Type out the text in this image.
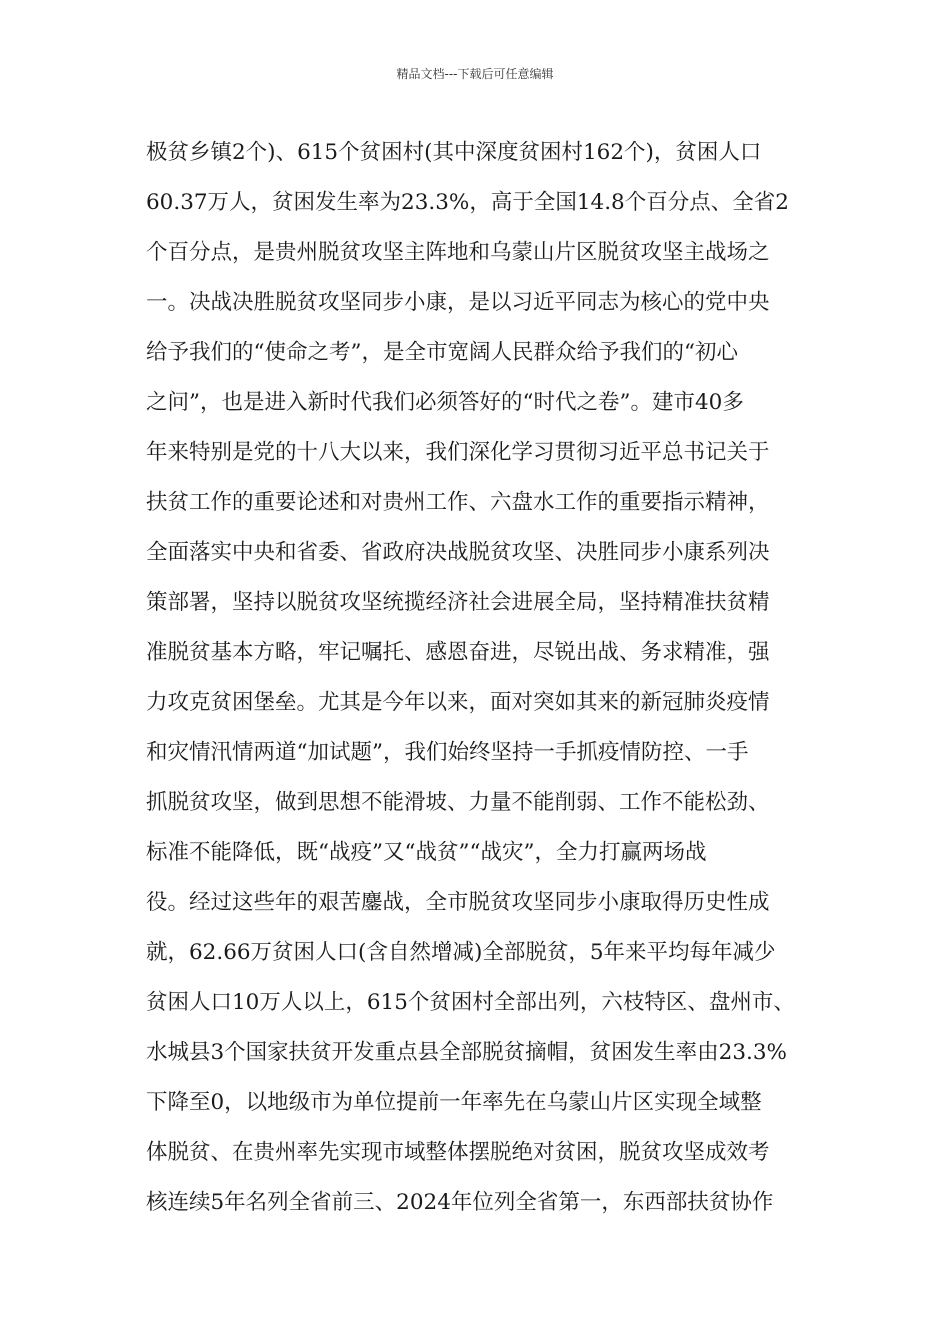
精品文档---下载后可任意编辑
极贫乡镇2个)、615个贫困村(其中深度贫困村162个)，贫困人口
60.37万人，贫困发生率为23.3%，高于全国14.8个百分点、全省2
个百分点，是贵州脱贫攻坚主阵地和乌蒙山片区脱贫攻坚主战场之
一。决战决胜脱贫攻坚同步小康，是以习近平同志为核心的党中央
给予我们的“使命之考”，是全市宽阔人民群众给予我们的“初心
之问”，也是进入新时代我们必须答好的“时代之卷”。建市40多
年来特别是党的十八大以来，我们深化学习贯彻习近平总书记关于
扶贫工作的重要论述和对贵州工作、六盘水工作的重要指示精神，
全面落实中央和省委、省政府决战脱贫攻坚、决胜同步小康系列决
策部署，坚持以脱贫攻坚统揽经济社会进展全局，坚持精准扶贫精
准脱贫基本方略，牢记嘱托、感恩奋进，尽锐出战、务求精准，强
力攻克贫困堡垒。尤其是今年以来，面对突如其来的新冠肺炎疫情
和灾情汛情两道“加试题”，我们始终坚持一手抓疫情防控、一手
抓脱贫攻坚，做到思想不能滑坡、力量不能削弱、工作不能松劲、
标准不能降低，既“战疫”又“战贫”“战灾”，全力打赢两场战
役。经过这些年的艰苦鏖战，全市脱贫攻坚同步小康取得历史性成
就，62.66万贫困人口(含自然增减)全部脱贫，5年来平均每年减少
贫困人口10万人以上，615个贫困村全部出列，六枝特区、盘州市、
水城县3个国家扶贫开发重点县全部脱贫摘帽，贫困发生率由23.3%
下降至0，以地级市为单位提前一年率先在乌蒙山片区实现全域整
体脱贫、在贵州率先实现市域整体摆脱绝对贫困，脱贫攻坚成效考
核连续5年名列全省前三、2024年位列全省第一，东西部扶贫协作
